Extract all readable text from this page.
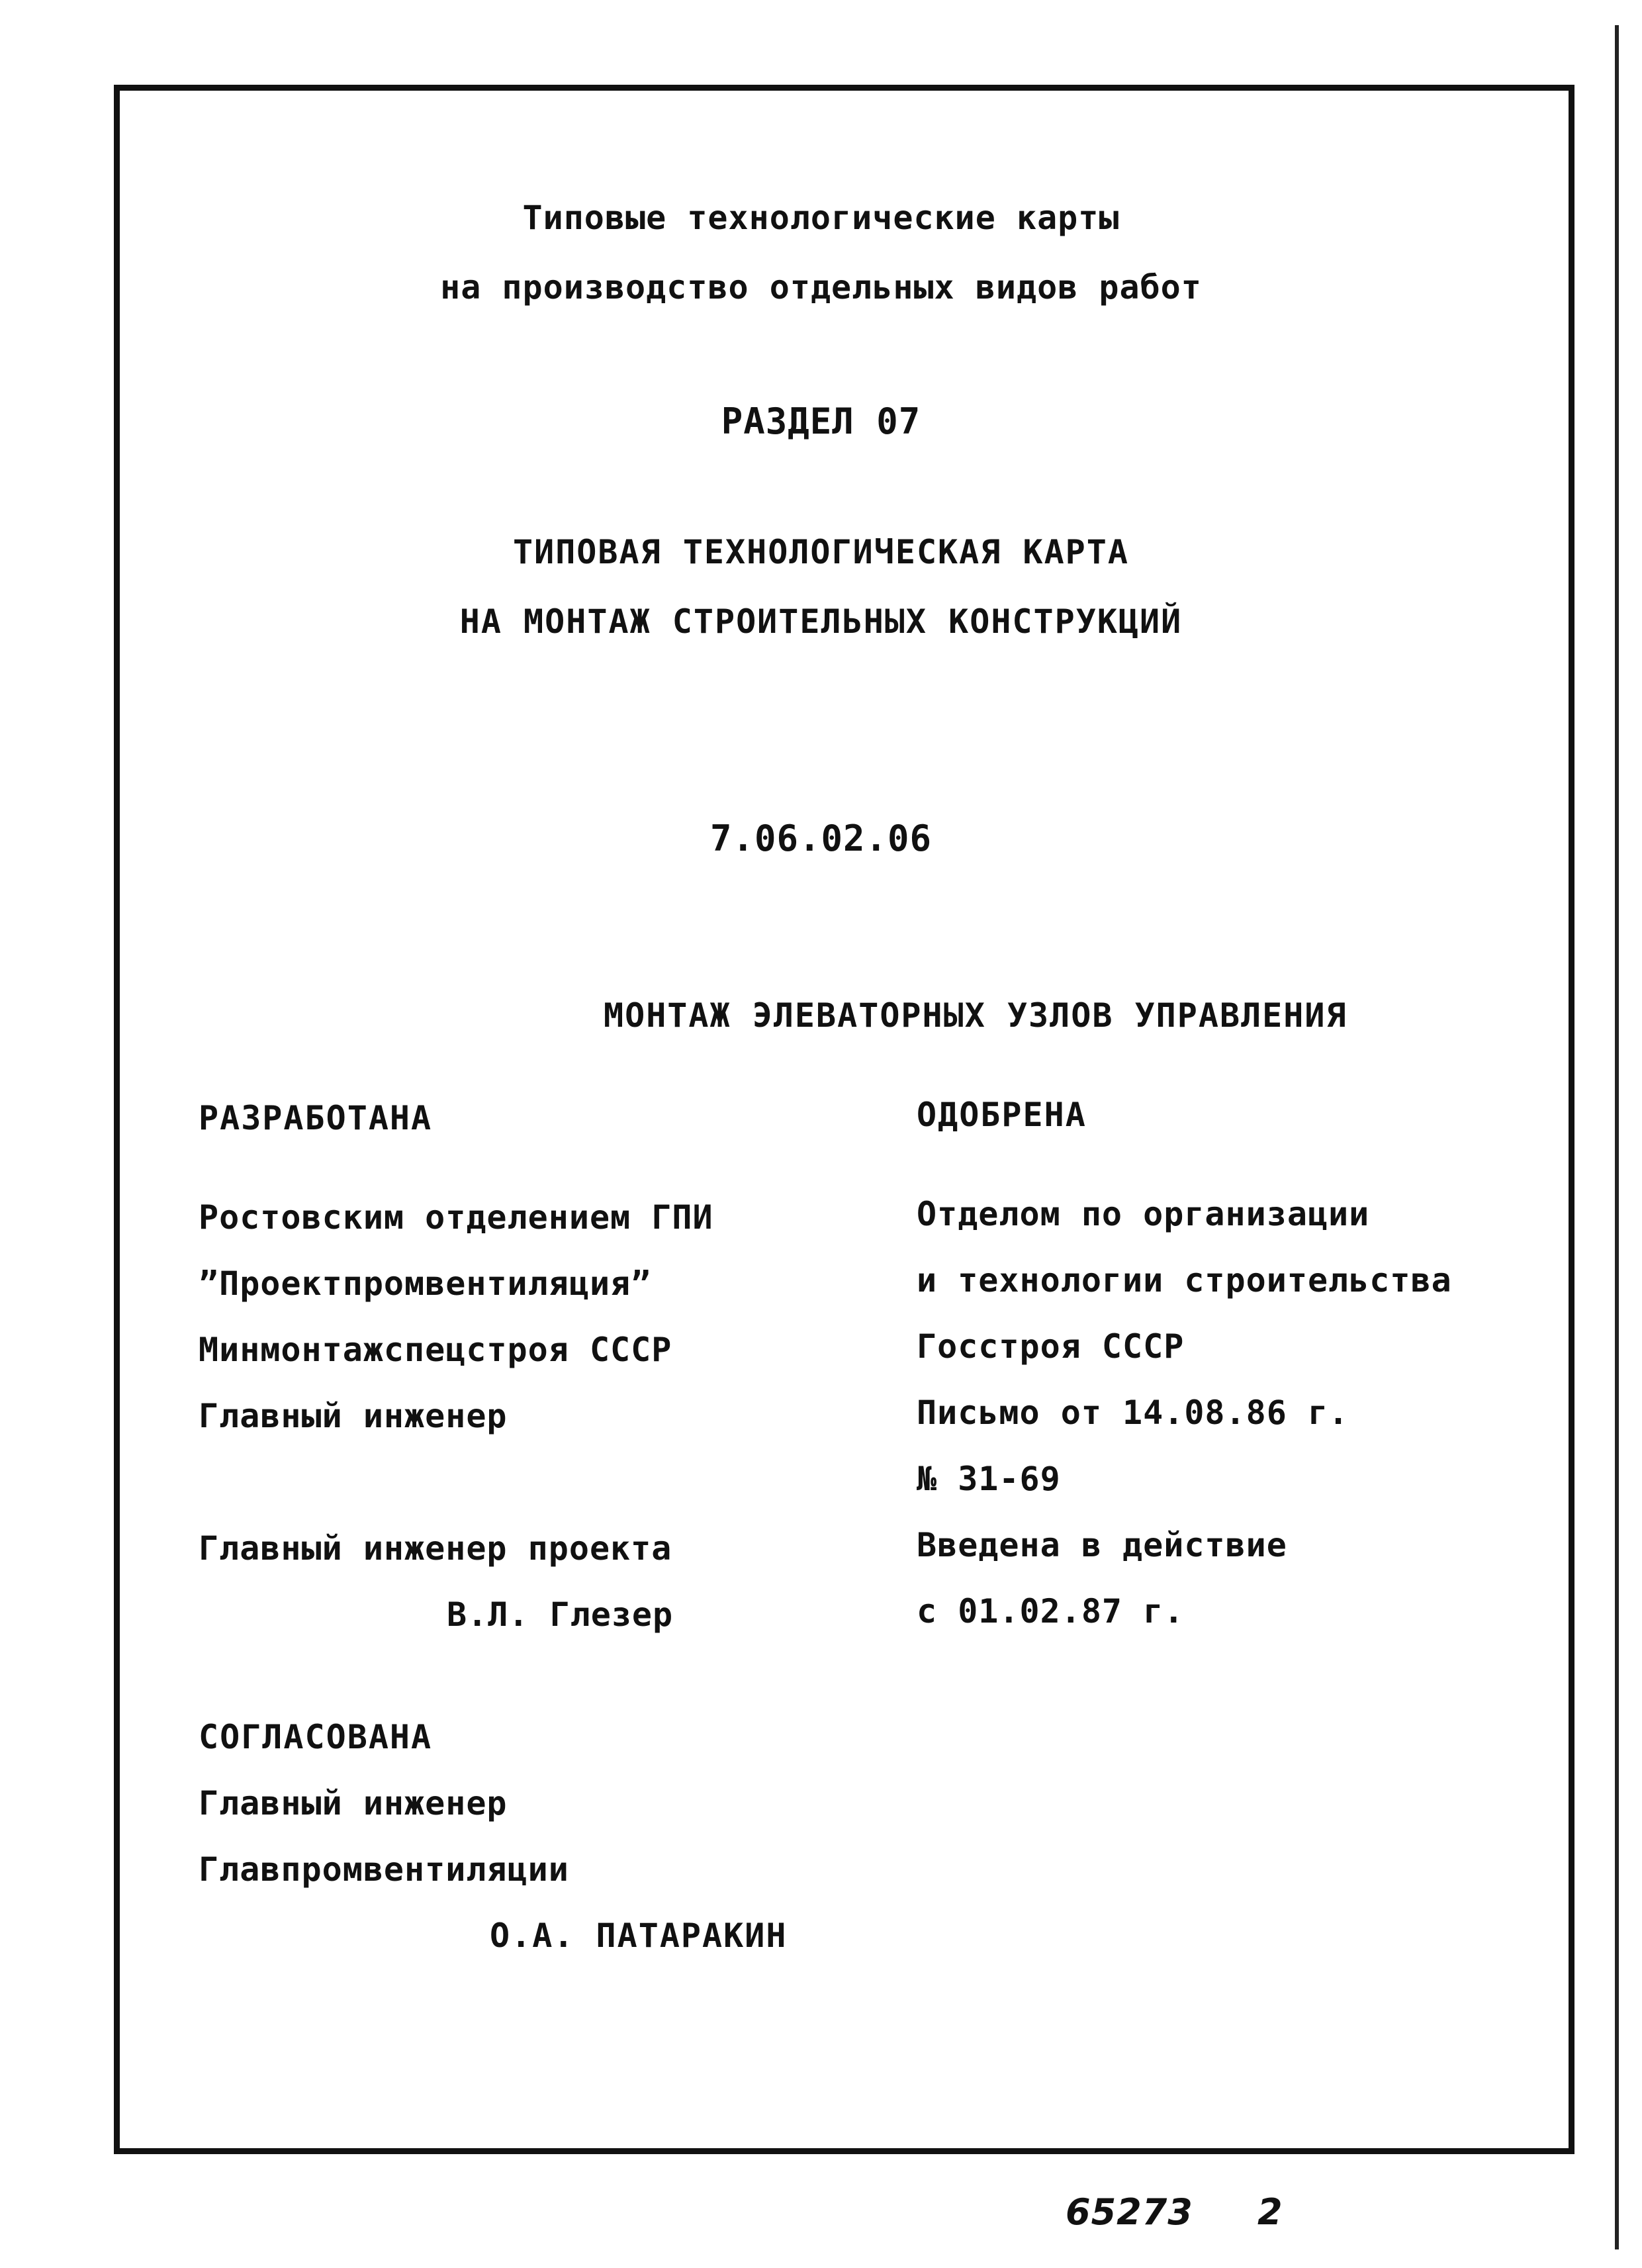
Типовые технологические карты
на производство отдельных видов работ
РАЗДЕЛ 07
ТИПОВАЯ ТЕХНОЛОГИЧЕСКАЯ КАРТА
НА МОНТАЖ СТРОИТЕЛЬНЫХ КОНСТРУКЦИЙ
7.06.02.06
МОНТАЖ ЭЛЕВАТОРНЫХ УЗЛОВ УПРАВЛЕНИЯ
РАЗРАБОТАНА
Ростовским отделением ГПИ
”Проектпромвентиляция”
Минмонтажспецстроя СССР
Главный инженер
Главный инженер проекта
В.Л. Глезер
ОДОБРЕНА
Отделом по организации
и технологии строительства
Госстроя СССР
Письмо от 14.08.86 г.
№ 31-69
Введена в действие
с 01.02.87 г.
СОГЛАСОВАНА
Главный инженер
Главпромвентиляции
О.А. ПАТАРАКИН
65273 2
